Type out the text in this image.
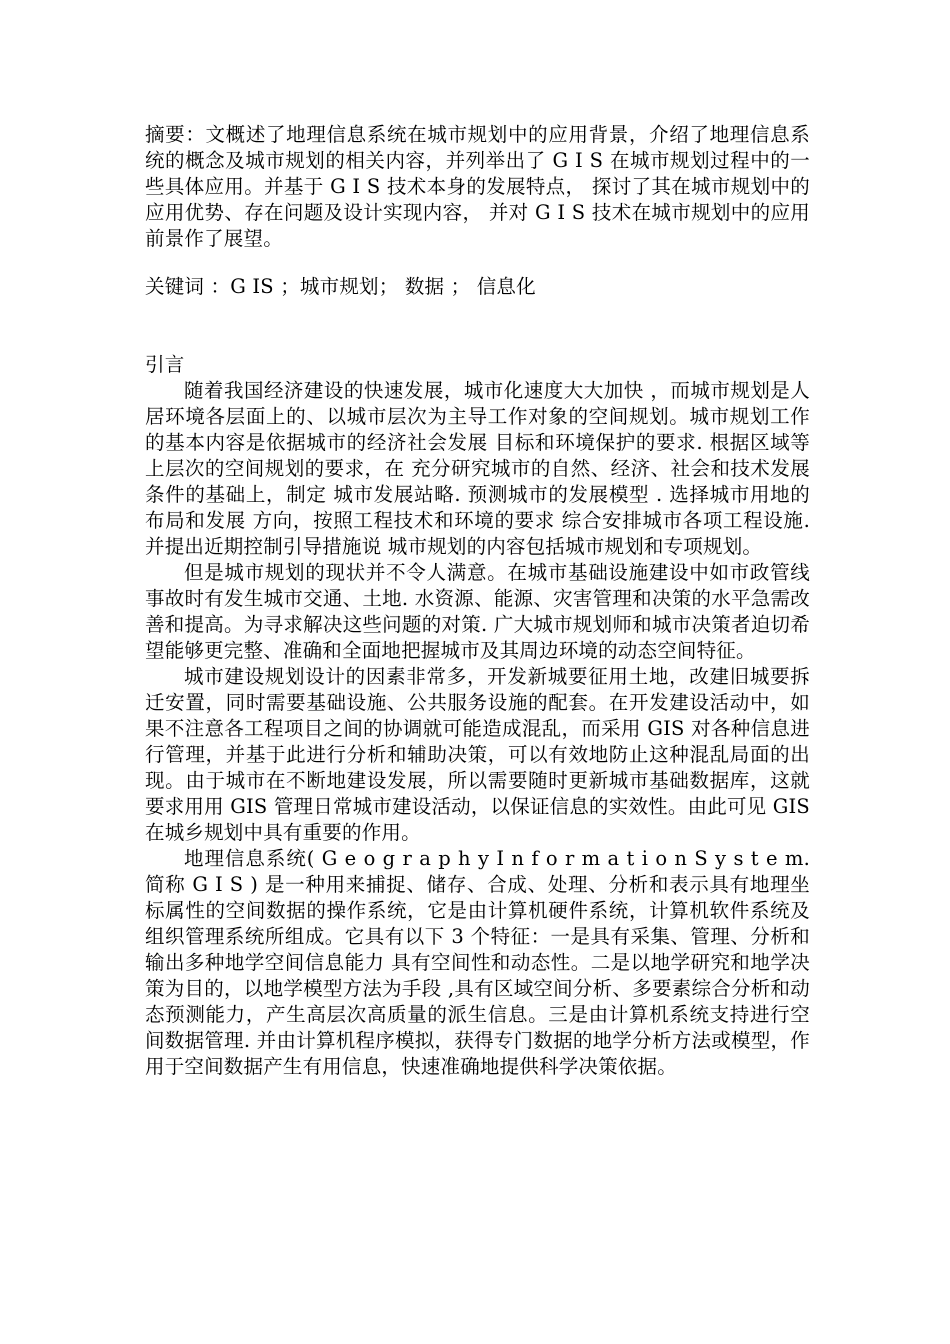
摘要：文概述了地理信息系统在城市规划中的应用背景，介绍了地理信息系统的概念及城市规划的相关内容，并列举出了 G I S 在城市规划过程中的一些具体应用。并基于 G I S 技术本身的发展特点， 探讨了其在城市规划中的应用优势、存在问题及设计实现内容， 并对 G I S 技术在城市规划中的应用前景作了展望。

关键词 ：G IS ；城市规划； 数据 ； 信息化

引言

随着我国经济建设的快速发展，城市化速度大大加快 ，而城市规划是人居环境各层面上的、以城市层次为主导工作对象的空间规划。城市规划工作的基本内容是依据城市的经济社会发展 目标和环境保护的要求. 根据区域等上层次的空间规划的要求，在 充分研究城市的自然、经济、社会和技术发展条件的基础上，制定 城市发展站略. 预测城市的发展模型 . 选择城市用地的布局和发展 方向，按照工程技术和环境的要求 综合安排城市各项工程设施. 并提出近期控制引导措施说 城市规划的内容包括城市规划和专项规划。

但是城市规划的现状并不令人满意。在城市基础设施建设中如市政管线事故时有发生城市交通、土地. 水资源、能源、灾害管理和决策的水平急需改善和提高。为寻求解决这些问题的对策. 广大城市规划师和城市决策者迫切希望能够更完整、准确和全面地把握城市及其周边环境的动态空间特征。

城市建设规划设计的因素非常多，开发新城要征用土地，改建旧城要拆迁安置，同时需要基础设施、公共服务设施的配套。在开发建设活动中，如果不注意各工程项目之间的协调就可能造成混乱，而采用 GIS 对各种信息进行管理，并基于此进行分析和辅助决策，可以有效地防止这种混乱局面的出现。由于城市在不断地建设发展，所以需要随时更新城市基础数据库，这就要求用用 GIS 管理日常城市建设活动，以保证信息的实效性。由此可见 GIS 在城乡规划中具有重要的作用。

地理信息系统( G e o g r a p h y I n f o r m a t i o n S y s t e m. 简称 G I S ) 是一种用来捕捉、储存、合成、处理、分析和表示具有地理坐标属性的空间数据的操作系统，它是由计算机硬件系统，计算机软件系统及组织管理系统所组成。它具有以下 3 个特征：一是具有采集、管理、分析和输出多种地学空间信息能力 具有空间性和动态性。二是以地学研究和地学决策为目的，以地学模型方法为手段 ,具有区域空间分析、多要素综合分析和动态预测能力，产生高层次高质量的派生信息。三是由计算机系统支持进行空间数据管理. 并由计算机程序模拟，获得专门数据的地学分析方法或模型，作用于空间数据产生有用信息，快速准确地提供科学决策依据。
